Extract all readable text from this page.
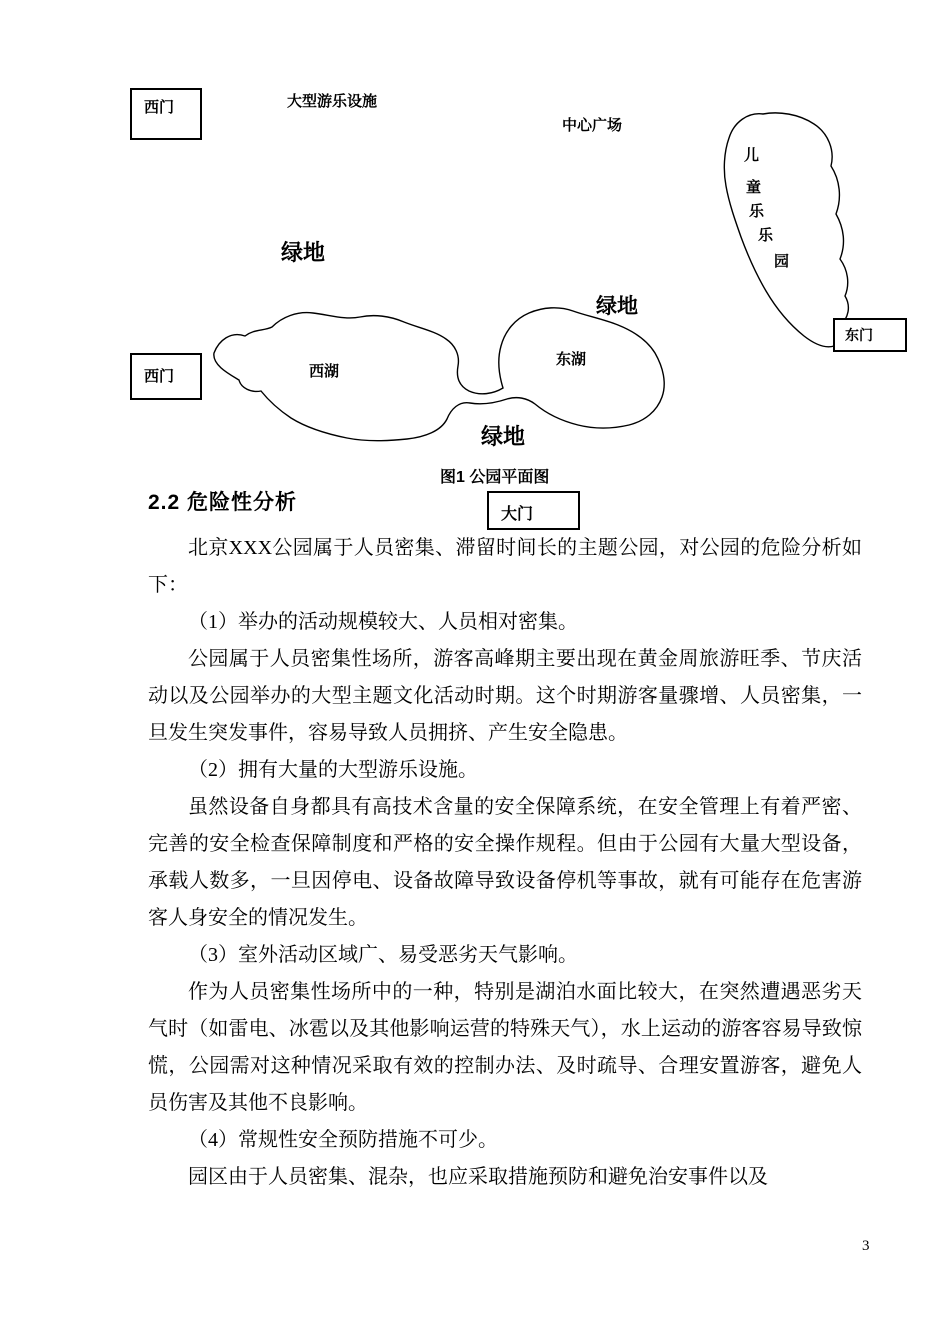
西门
西门
东门
大门
大型游乐设施
中心广场
儿
童
乐
乐
园
绿地
绿地
绿地
西湖
东湖
图1 公园平面图
2.2 危险性分析

北京XXX公园属于人员密集、滞留时间长的主题公园，对公园的危险分析如下：

（1）举办的活动规模较大、人员相对密集。

公园属于人员密集性场所，游客高峰期主要出现在黄金周旅游旺季、节庆活动以及公园举办的大型主题文化活动时期。这个时期游客量骤增、人员密集，一旦发生突发事件，容易导致人员拥挤、产生安全隐患。

（2）拥有大量的大型游乐设施。

虽然设备自身都具有高技术含量的安全保障系统，在安全管理上有着严密、完善的安全检查保障制度和严格的安全操作规程。但由于公园有大量大型设备，承载人数多，一旦因停电、设备故障导致设备停机等事故，就有可能存在危害游客人身安全的情况发生。

（3）室外活动区域广、易受恶劣天气影响。

作为人员密集性场所中的一种，特别是湖泊水面比较大，在突然遭遇恶劣天气时（如雷电、冰雹以及其他影响运营的特殊天气），水上运动的游客容易导致惊慌，公园需对这种情况采取有效的控制办法、及时疏导、合理安置游客，避免人员伤害及其他不良影响。

（4）常规性安全预防措施不可少。

园区由于人员密集、混杂，也应采取措施预防和避免治安事件以及

3
